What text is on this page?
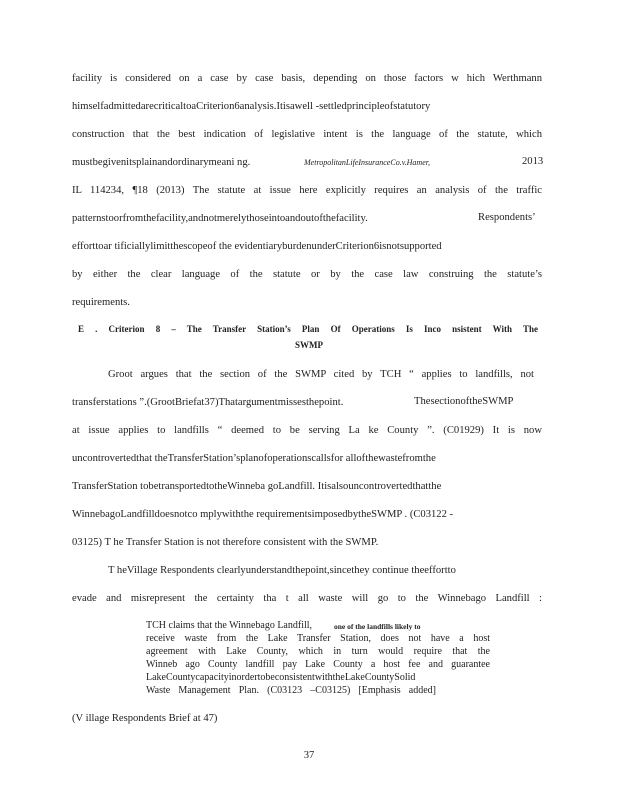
facility is considered on a case by case basis, depending on those factors w hich Werthmann
himselfadmittedarecriticaltoaCriterion6analysis.Itisawell -settledprincipleofstatutory
construction that the best indication of legislative intent is the language of the statute, which
mustbegivenitsplainandordinarymeani ng.	MetropolitanLifeInsuranceCo.v.Hamer,	2013
IL 114234, ¶18 (2013) The statute at issue here explicitly requires an analysis of the traffic
patternstoorfromthefacility,andnotmerelythoseintoandoutofthefacility.	Respondents’
efforttoar tificiallylimitthescopeof the evidentiaryburdenunderCriterion6isnotsupported
by either the clear language of the statute or by the case law construing the statute’s
requirements.
E . Criterion 8 – The Transfer Station’s Plan Of Operations Is Inco nsistent With The
SWMP
Groot argues that the section of the SWMP cited by TCH “ applies to landfills, not
transferstations ”.(GrootBriefat37)Thatargumentmissesthepoint.	ThesectionoftheSWMP
at issue applies to landfills “ deemed to be serving La ke County ”. (C01929) It is now
uncontrovertedthat theTransferStation’splanofoperationscallsfor allofthewastefromthe
TransferStation tobetransportedtotheWinneba goLandfill. Itisalsouncontrovertedthatthe
WinnebagoLandfilldoesnotco mplywiththe requirementsimposedbytheSWMP . (C03122 -
03125) T he Transfer Station is not therefore consistent with the SWMP.
T heVillage Respondents clearlyunderstandthepoint,sincethey continue theeffortto
evade and misrepresent the certainty tha t all waste will go to the Winnebago Landfill :
TCH claims that the Winnebago Landfill,	one of the landfills likely to
receive waste from the Lake Transfer Station, does not have a host
agreement with Lake County, which in turn would require that the
Winneb ago County landfill pay Lake County a host fee and guarantee
LakeCountycapacityinordertobeconsistentwiththeLakeCountySolid
Waste Management Plan. (C03123 –C03125) [Emphasis added]
(V illage Respondents Brief at 47)
37
